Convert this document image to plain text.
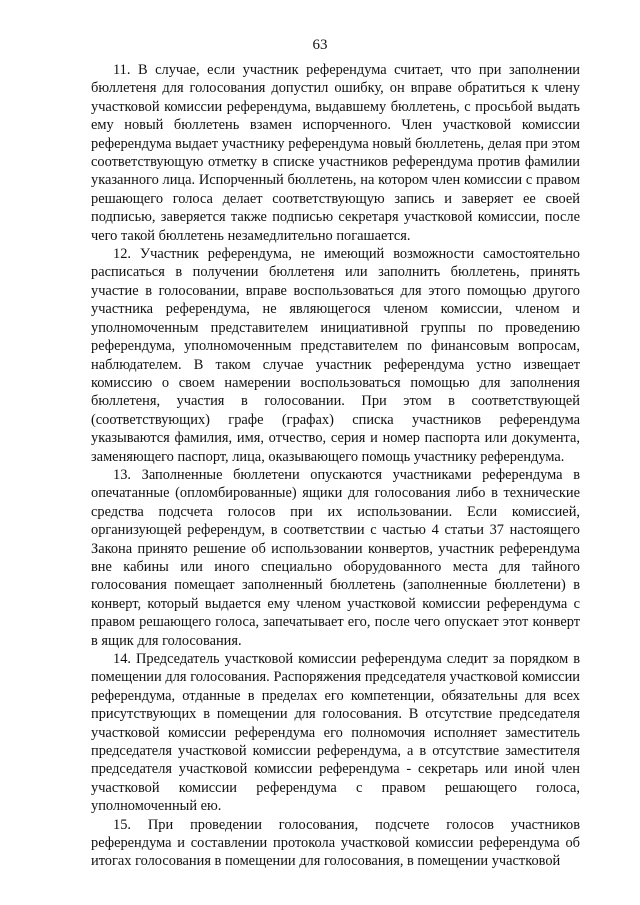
63

11. В случае, если участник референдума считает, что при заполнении бюллетеня для голосования допустил ошибку, он вправе обратиться к члену участковой комиссии референдума, выдавшему бюллетень, с просьбой выдать ему новый бюллетень взамен испорченного. Член участковой комиссии референдума выдает участнику референдума новый бюллетень, делая при этом соответствующую отметку в списке участников референдума против фамилии указанного лица. Испорченный бюллетень, на котором член комиссии с правом решающего голоса делает соответствующую запись и заверяет ее своей подписью, заверяется также подписью секретаря участковой комиссии, после чего такой бюллетень незамедлительно погашается.

12. Участник референдума, не имеющий возможности самостоятельно расписаться в получении бюллетеня или заполнить бюллетень, принять участие в голосовании, вправе воспользоваться для этого помощью другого участника референдума, не являющегося членом комиссии, членом и уполномоченным представителем инициативной группы по проведению референдума, уполномоченным представителем по финансовым вопросам, наблюдателем. В таком случае участник референдума устно извещает комиссию о своем намерении воспользоваться помощью для заполнения бюллетеня, участия в голосовании. При этом в соответствующей (соответствующих) графе (графах) списка участников референдума указываются фамилия, имя, отчество, серия и номер паспорта или документа, заменяющего паспорт, лица, оказывающего помощь участнику референдума.

13. Заполненные бюллетени опускаются участниками референдума в опечатанные (опломбированные) ящики для голосования либо в технические средства подсчета голосов при их использовании. Если комиссией, организующей референдум, в соответствии с частью 4 статьи 37 настоящего Закона принято решение об использовании конвертов, участник референдума вне кабины или иного специально оборудованного места для тайного голосования помещает заполненный бюллетень (заполненные бюллетени) в конверт, который выдается ему членом участковой комиссии референдума с правом решающего голоса, запечатывает его, после чего опускает этот конверт в ящик для голосования.

14. Председатель участковой комиссии референдума следит за порядком в помещении для голосования. Распоряжения председателя участковой комиссии референдума, отданные в пределах его компетенции, обязательны для всех присутствующих в помещении для голосования. В отсутствие председателя участковой комиссии референдума его полномочия исполняет заместитель председателя участковой комиссии референдума, а в отсутствие заместителя председателя участковой комиссии референдума - секретарь или иной член участковой комиссии референдума с правом решающего голоса, уполномоченный ею.

15. При проведении голосования, подсчете голосов участников референдума и составлении протокола участковой комиссии референдума об итогах голосования в помещении для голосования, в помещении участковой
